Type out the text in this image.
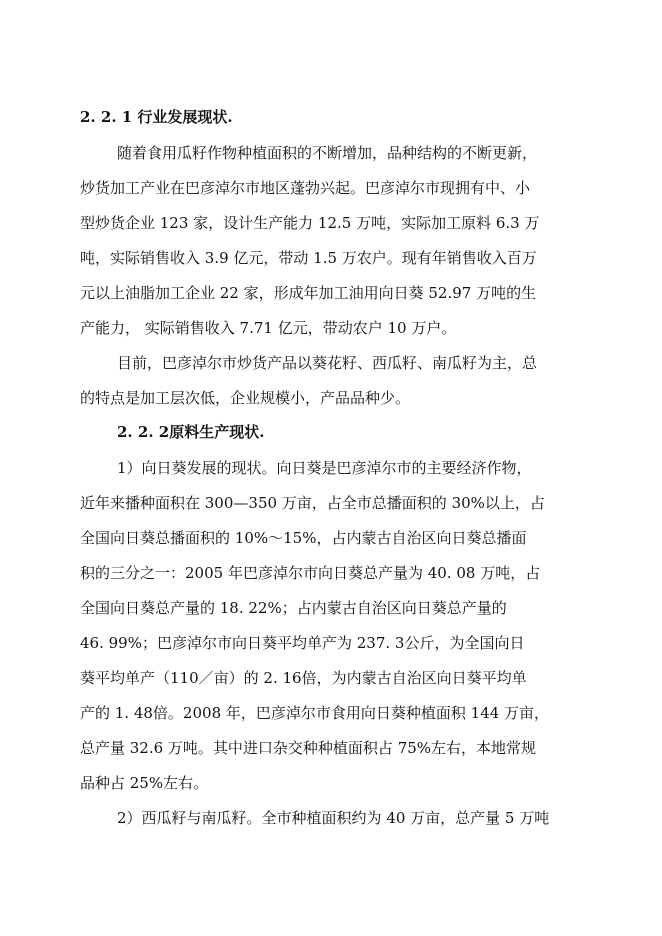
2. 2. 1 行业发展现状.
随着食用瓜籽作物种植面积的不断增加，品种结构的不断更新，
炒货加工产业在巴彦淖尔市地区蓬勃兴起。巴彦淖尔市现拥有中、小
型炒货企业 123 家，设计生产能力 12.5 万吨，实际加工原料 6.3 万
吨，实际销售收入 3.9 亿元，带动 1.5 万农户。现有年销售收入百万
元以上油脂加工企业 22 家，形成年加工油用向日葵 52.97 万吨的生
产能力， 实际销售收入 7.71 亿元，带动农户 10 万户。
目前，巴彦淖尔市炒货产品以葵花籽、西瓜籽、南瓜籽为主，总
的特点是加工层次低，企业规模小，产品品种少。
2. 2. 2原料生产现状.
1）向日葵发展的现状。向日葵是巴彦淖尔市的主要经济作物，
近年来播种面积在 300—350 万亩，占全市总播面积的 30%以上，占
全国向日葵总播面积的 10%～15%，占内蒙古自治区向日葵总播面
积的三分之一：2005 年巴彦淖尔市向日葵总产量为 40. 08 万吨，占
全国向日葵总产量的 18. 22%；占内蒙古自治区向日葵总产量的
46. 99%；巴彦淖尔市向日葵平均单产为 237. 3公斤，为全国向日
葵平均单产（110／亩）的 2. 16倍，为内蒙古自治区向日葵平均单
产的 1. 48倍。2008 年，巴彦淖尔市食用向日葵种植面积 144 万亩，
总产量 32.6 万吨。其中进口杂交种种植面积占 75%左右，本地常规
品种占 25%左右。
2）西瓜籽与南瓜籽。全市种植面积约为 40 万亩，总产量 5 万吨
